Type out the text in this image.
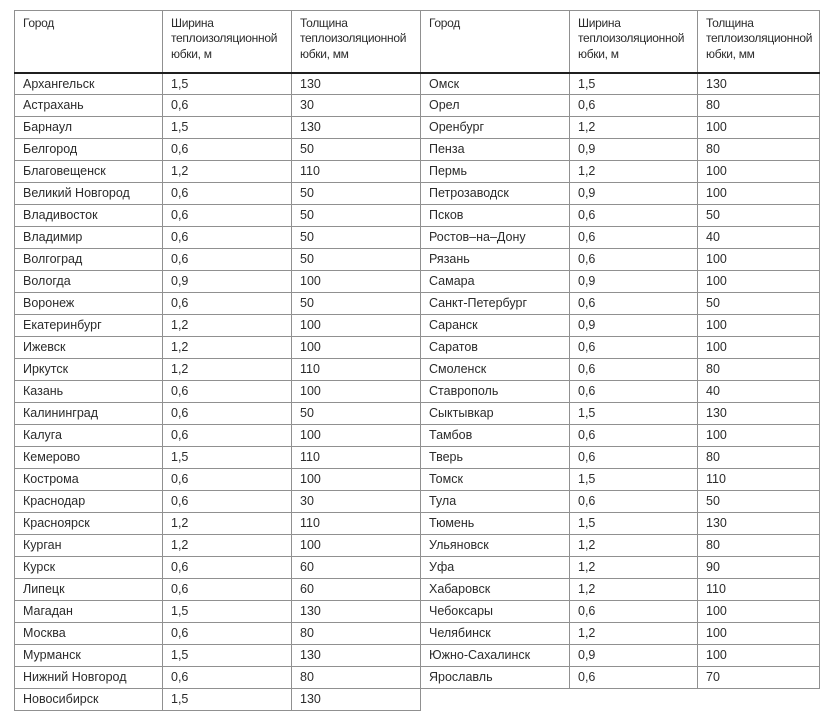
Город	Ширина теплоизоляционной юбки, м	Толщина теплоизоляционной юбки, мм
Архангельск	1,5	130
Астрахань	0,6	30
Барнаул	1,5	130
Белгород	0,6	50
Благовещенск	1,2	110
Великий Новгород	0,6	50
Владивосток	0,6	50
Владимир	0,6	50
Волгоград	0,6	50
Вологда	0,9	100
Воронеж	0,6	50
Екатеринбург	1,2	100
Ижевск	1,2	100
Иркутск	1,2	110
Казань	0,6	100
Калининград	0,6	50
Калуга	0,6	100
Кемерово	1,5	110
Кострома	0,6	100
Краснодар	0,6	30
Красноярск	1,2	110
Курган	1,2	100
Курск	0,6	60
Липецк	0,6	60
Магадан	1,5	130
Москва	0,6	80
Мурманск	1,5	130
Нижний Новгород	0,6	80
Новосибирск	1,5	130
Город	Ширина теплоизоляционной юбки, м	Толщина теплоизоляционной юбки, мм
Омск	1,5	130
Орел	0,6	80
Оренбург	1,2	100
Пенза	0,9	80
Пермь	1,2	100
Петрозаводск	0,9	100
Псков	0,6	50
Ростов–на–Дону	0,6	40
Рязань	0,6	100
Самара	0,9	100
Санкт-Петербург	0,6	50
Саранск	0,9	100
Саратов	0,6	100
Смоленск	0,6	80
Ставрополь	0,6	40
Сыктывкар	1,5	130
Тамбов	0,6	100
Тверь	0,6	80
Томск	1,5	110
Тула	0,6	50
Тюмень	1,5	130
Ульяновск	1,2	80
Уфа	1,2	90
Хабаровск	1,2	110
Чебоксары	0,6	100
Челябинск	1,2	100
Южно-Сахалинск	0,9	100
Ярославль	0,6	70
